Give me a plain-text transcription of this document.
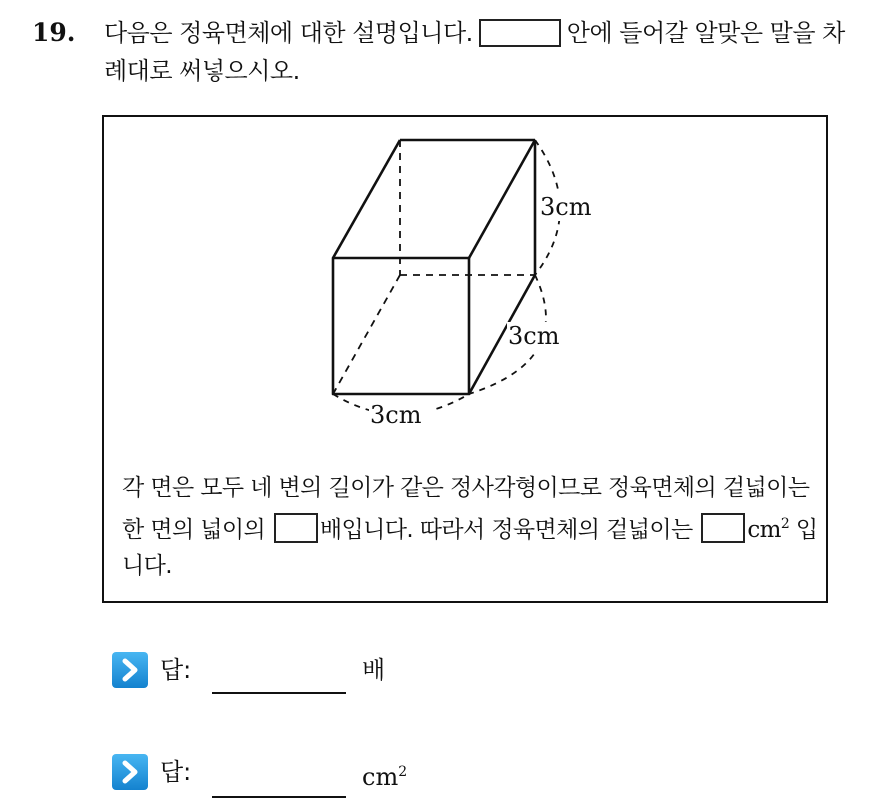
19. 다음은 정육면체에 대한 설명입니다.	안에 들어갈 알맞은 말을 차례대로 써넣으시오.
3cm
3cm
3cm
각 면은 모두 네 변의 길이가 같은 정사각형이므로 정육면체의 겉넓이는 한 면의 넓이의 배입니다. 따라서 정육면체의 겉넓이는 $cm^2$ 입니다.
답:	배
답:	$cm^2$
